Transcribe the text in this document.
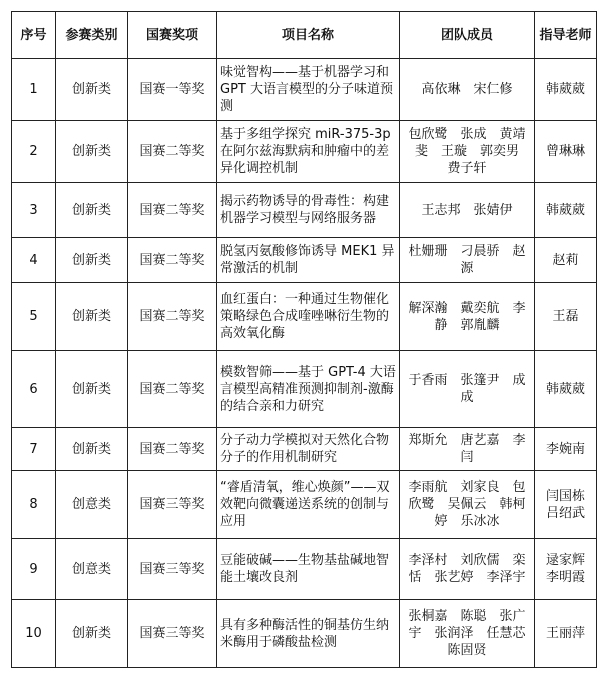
序号	参赛类别	国赛奖项	项目名称	团队成员	指导老师
1	创新类	国赛一等奖	味觉智构——基于机器学习和 GPT 大语言模型的分子味道预测	高依琳　宋仁修	韩葳葳
2	创新类	国赛二等奖	基于多组学探究 miR-375-3p 在阿尔兹海默病和肿瘤中的差异化调控机制	包欣鹭　张成　黄靖斐　王璇　郭奕男　费子轩	曾琳琳
3	创新类	国赛二等奖	揭示药物诱导的骨毒性：构建机器学习模型与网络服务器	王志邦　张婧伊	韩葳葳
4	创新类	国赛二等奖	脱氢丙氨酸修饰诱导 MEK1 异常激活的机制	杜姗珊　刁晨骄　赵源	赵莉
5	创新类	国赛二等奖	血红蛋白：一种通过生物催化策略绿色合成喹唑啉衍生物的高效氧化酶	解深瀚　戴奕航　李静　郭胤麟	王磊
6	创新类	国赛二等奖	模数智筛——基于 GPT-4 大语言模型高精准预测抑制剂-激酶的结合亲和力研究	于香雨　张篷尹　成成	韩葳葳
7	创新类	国赛二等奖	分子动力学模拟对天然化合物分子的作用机制研究	郑斯允　唐艺嘉　李闫	李婉南
8	创意类	国赛三等奖	“睿盾清氧，维心焕颜”——双效靶向微囊递送系统的创制与应用	李雨航　刘家良　包欣鹭　吴佩云　韩柯婷　乐冰冰	闫国栋　吕绍武
9	创意类	国赛三等奖	豆能破碱——生物基盐碱地智能土壤改良剂	李泽村　刘欣儒　栾恬　张艺婷　李泽宇	逯家辉　李明霞
10	创新类	国赛三等奖	具有多种酶活性的铜基仿生纳米酶用于磷酸盐检测	张桐嘉　陈聪　张广宇　张润泽　任慧芯　陈固贤	王丽萍
